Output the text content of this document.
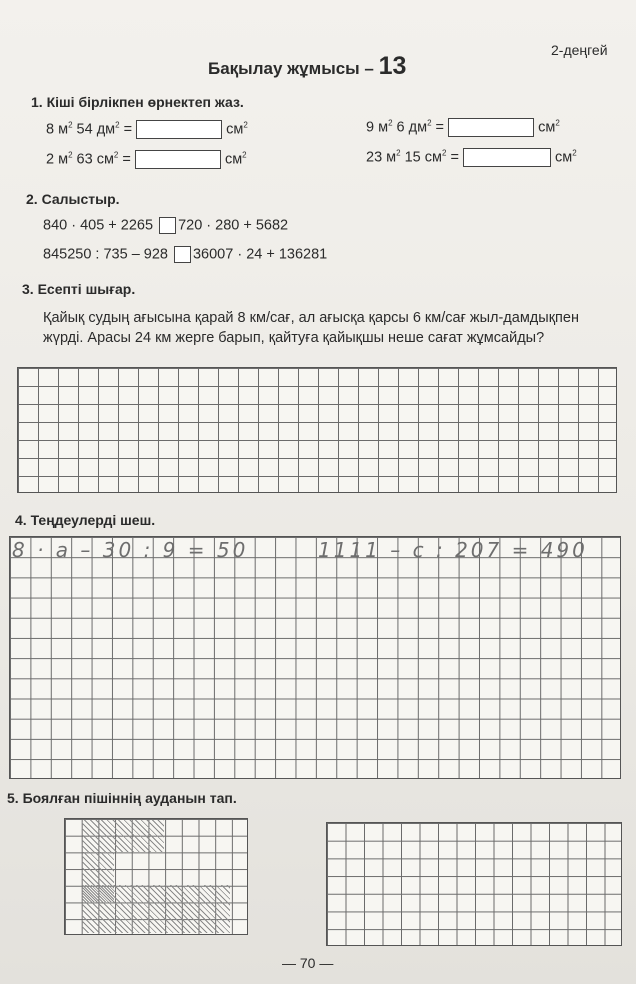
Бақылау жұмысы – 13
2-деңгей
1. Кіші бірлікпен өрнектеп жаз.
8 $м^2$ 54 $дм^2$ =	$см^2$	9 $м^2$ 6 $дм^2$ =	$см^2$
2 $м^2$ 63 $см^2$ =	$см^2$	23 $м^2$ 15 $см^2$ =	$см^2$
2. Салыстыр.
840 · 405 + 2265 720 · 280 + 5682
845250 : 735 – 928 36007 · 24 + 136281
3. Есепті шығар.
Қайық судың ағысына қарай 8 км/сағ, ал ағысқа қарсы 6 км/сағ жыл-дамдықпен жүрді. Арасы 24 км жерге барып, қайтуға қайықшы неше сағат жұмсайды?
4. Теңдеулерді шеш.
8 · a – 30 : 9 = 50	1111 – c : 207 = 490
5. Боялған пішіннің ауданын тап.
— 70 —
